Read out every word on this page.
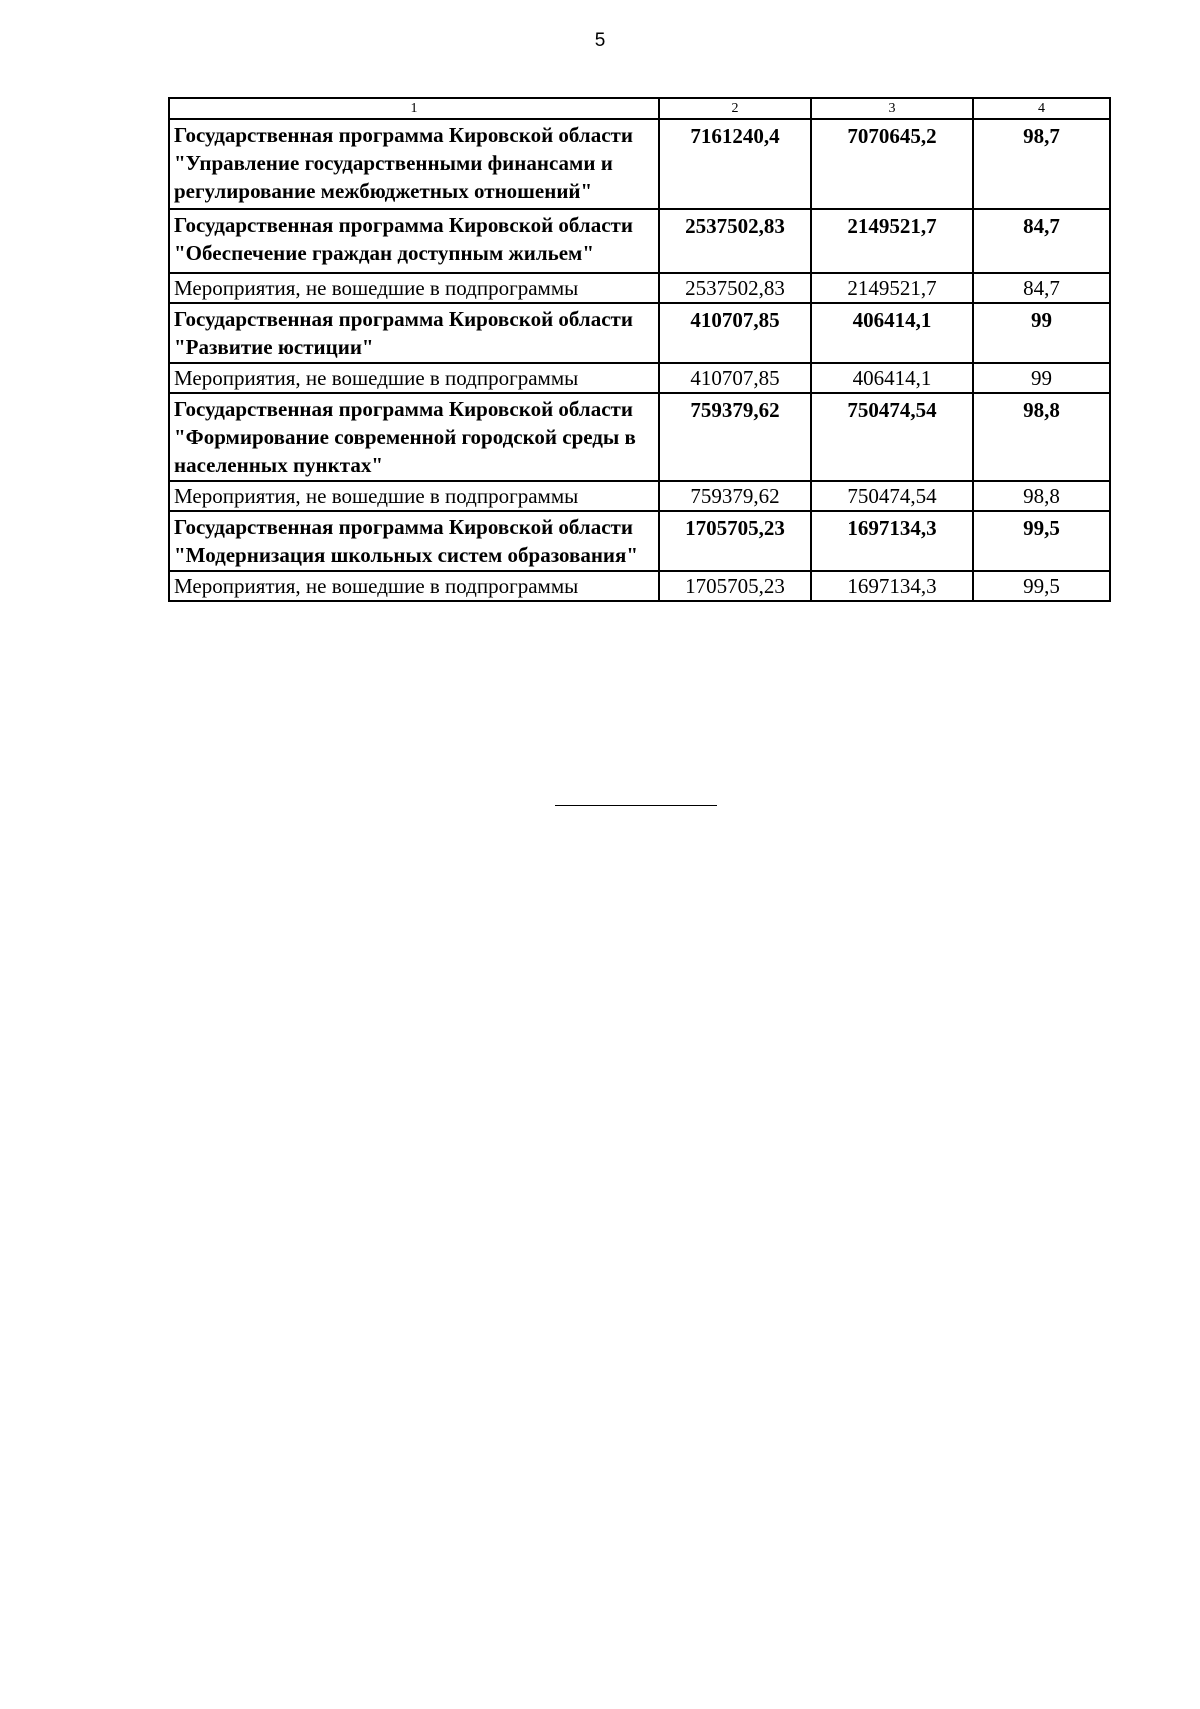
5
1	2	3	4
Государственная программа Кировской области "Управление государственными финансами и регулирование межбюджетных отношений"	7161240,4	7070645,2	98,7
Государственная программа Кировской области "Обеспечение граждан доступным жильем"	2537502,83	2149521,7	84,7
Мероприятия, не вошедшие в подпрограммы	2537502,83	2149521,7	84,7
Государственная программа Кировской области "Развитие юстиции"	410707,85	406414,1	99
Мероприятия, не вошедшие в подпрограммы	410707,85	406414,1	99
Государственная программа Кировской области "Формирование современной городской среды в населенных пунктах"	759379,62	750474,54	98,8
Мероприятия, не вошедшие в подпрограммы	759379,62	750474,54	98,8
Государственная программа Кировской области "Модернизация школьных систем образования"	1705705,23	1697134,3	99,5
Мероприятия, не вошедшие в подпрограммы	1705705,23	1697134,3	99,5
